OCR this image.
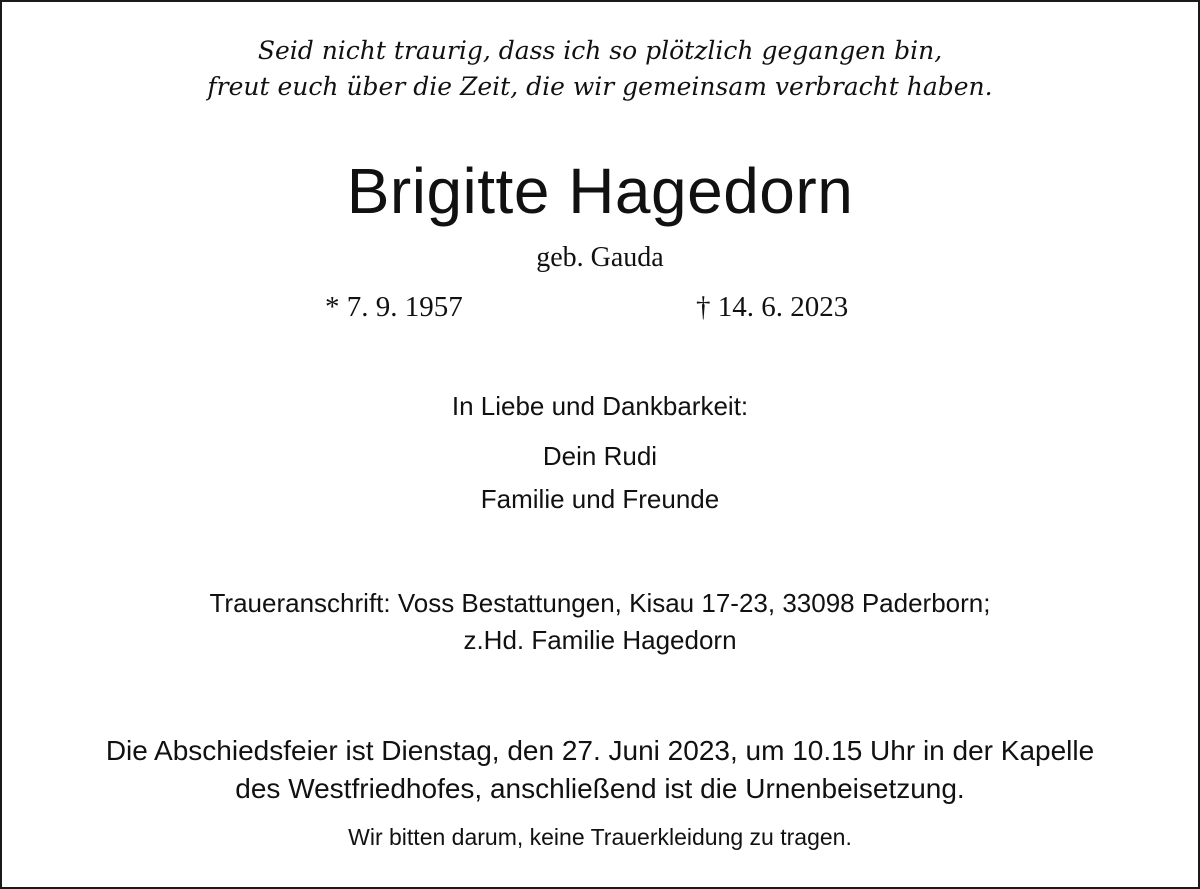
Seid nicht traurig, dass ich so plötzlich gegangen bin,
freut euch über die Zeit, die wir gemeinsam verbracht haben.
Brigitte Hagedorn
geb. Gauda
* 7. 9. 1957	† 14. 6. 2023
In Liebe und Dankbarkeit:
Dein Rudi
Familie und Freunde
Traueranschrift: Voss Bestattungen, Kisau 17-23, 33098 Paderborn;
z.Hd. Familie Hagedorn
Die Abschiedsfeier ist Dienstag, den 27. Juni 2023, um 10.15 Uhr in der Kapelle
des Westfriedhofes, anschließend ist die Urnenbeisetzung.
Wir bitten darum, keine Trauerkleidung zu tragen.
